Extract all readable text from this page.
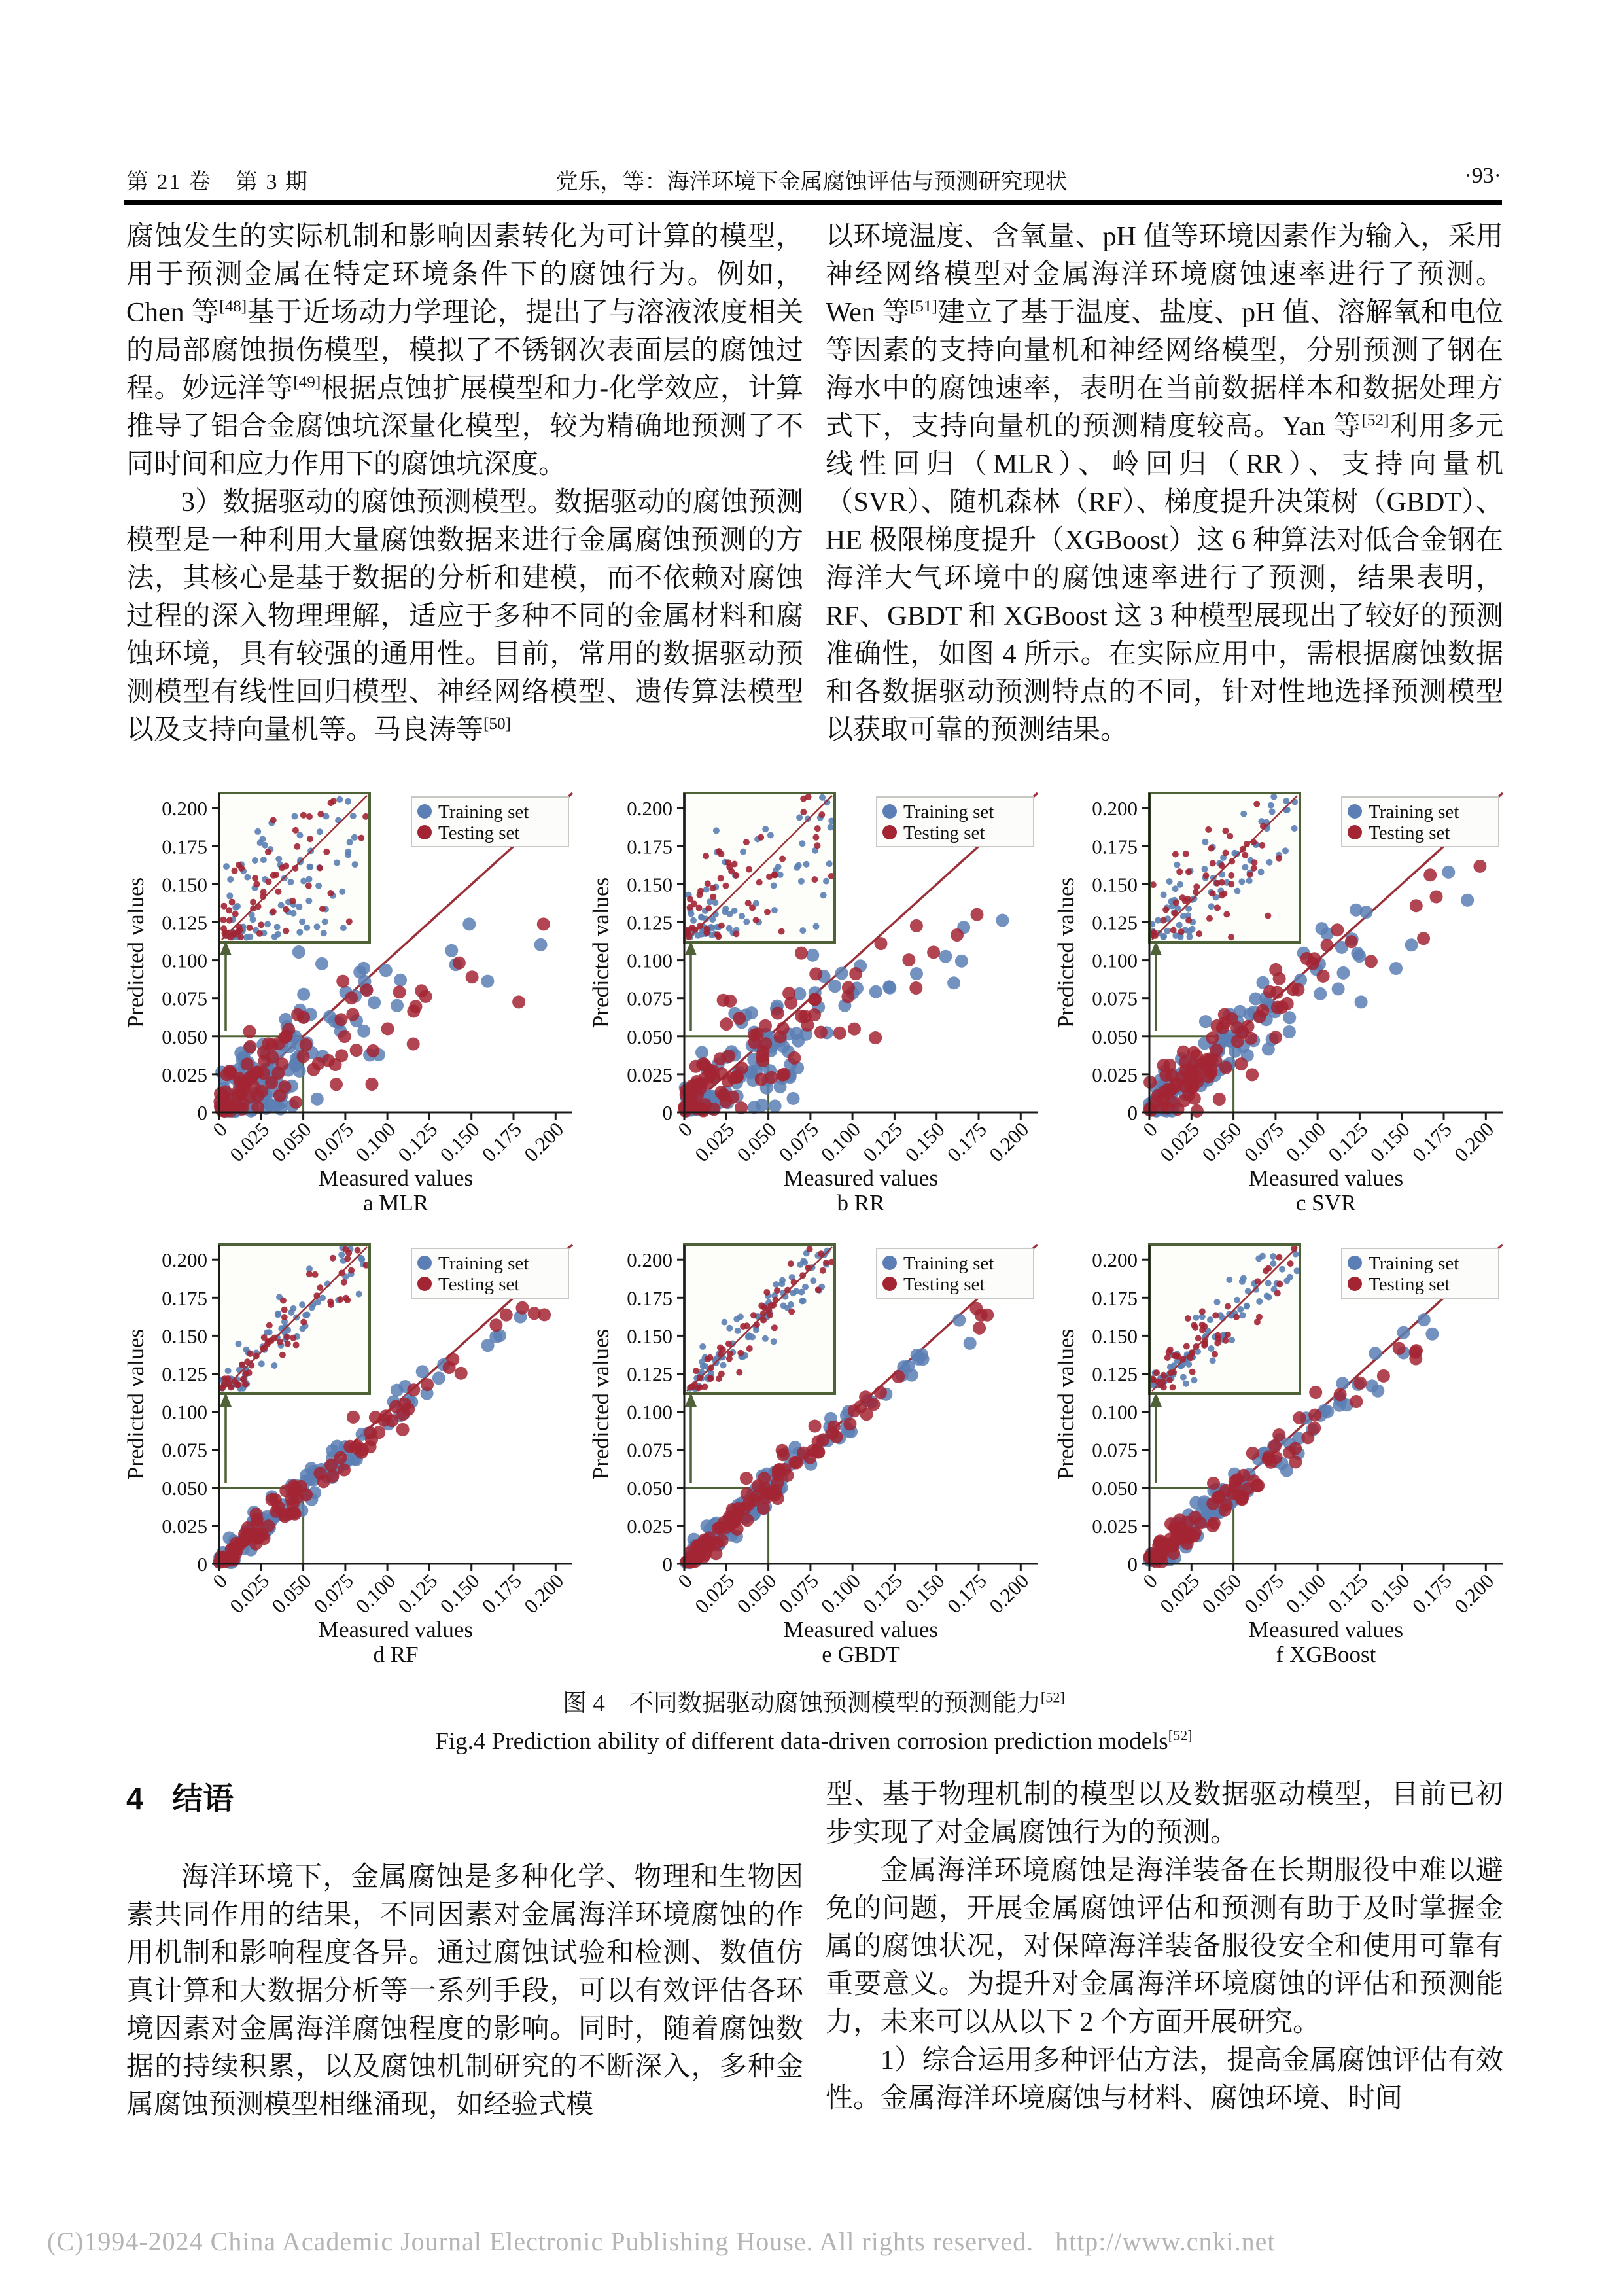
第 21 卷　第 3 期	党乐，等：海洋环境下金属腐蚀评估与预测研究现状	·93·

腐蚀发生的实际机制和影响因素转化为可计算的模型，用于预测金属在特定环境条件下的腐蚀行为。例如，Chen 等[48]基于近场动力学理论，提出了与溶液浓度相关的局部腐蚀损伤模型，模拟了不锈钢次表面层的腐蚀过程。妙远洋等[49]根据点蚀扩展模型和力-化学效应，计算推导了铝合金腐蚀坑深量化模型，较为精确地预测了不同时间和应力作用下的腐蚀坑深度。

3）数据驱动的腐蚀预测模型。数据驱动的腐蚀预测模型是一种利用大量腐蚀数据来进行金属腐蚀预测的方法，其核心是基于数据的分析和建模，而不依赖对腐蚀过程的深入物理理解，适应于多种不同的金属材料和腐蚀环境，具有较强的通用性。目前，常用的数据驱动预测模型有线性回归模型、神经网络模型、遗传算法模型以及支持向量机等。马良涛等[50]

以环境温度、含氧量、pH 值等环境因素作为输入，采用神经网络模型对金属海洋环境腐蚀速率进行了预测。Wen 等[51]建立了基于温度、盐度、pH 值、溶解氧和电位等因素的支持向量机和神经网络模型，分别预测了钢在海水中的腐蚀速率，表明在当前数据样本和数据处理方式下，支持向量机的预测精度较高。Yan 等[52]利用多元线性回归（MLR）、岭回归（RR）、支持向量机（SVR）、随机森林（RF）、梯度提升决策树（GBDT）、HE 极限梯度提升（XGBoost）这 6 种算法对低合金钢在海洋大气环境中的腐蚀速率进行了预测，结果表明，RF、GBDT 和 XGBoost 这 3 种模型展现出了较好的预测准确性，如图 4 所示。在实际应用中，需根据腐蚀数据和各数据驱动预测特点的不同，针对性地选择预测模型以获取可靠的预测结果。

Training set
Testing set
0
0.025
0.050
0.075
0.100
0.125
0.150
0.175
0.200
0
0.025
0.050
0.075
0.100
0.125
0.150
0.175
0.200
Measured values
Predicted values
a MLR
Training set
Testing set
0
0.025
0.050
0.075
0.100
0.125
0.150
0.175
0.200
0
0.025
0.050
0.075
0.100
0.125
0.150
0.175
0.200
Measured values
Predicted values
b RR
Training set
Testing set
0
0.025
0.050
0.075
0.100
0.125
0.150
0.175
0.200
0
0.025
0.050
0.075
0.100
0.125
0.150
0.175
0.200
Measured values
Predicted values
c SVR
Training set
Testing set
0
0.025
0.050
0.075
0.100
0.125
0.150
0.175
0.200
0
0.025
0.050
0.075
0.100
0.125
0.150
0.175
0.200
Measured values
Predicted values
d RF
Training set
Testing set
0
0.025
0.050
0.075
0.100
0.125
0.150
0.175
0.200
0
0.025
0.050
0.075
0.100
0.125
0.150
0.175
0.200
Measured values
Predicted values
e GBDT
Training set
Testing set
0
0.025
0.050
0.075
0.100
0.125
0.150
0.175
0.200
0
0.025
0.050
0.075
0.100
0.125
0.150
0.175
0.200
Measured values
Predicted values
f XGBoost
图 4　不同数据驱动腐蚀预测模型的预测能力[52]
Fig.4 Prediction ability of different data-driven corrosion prediction models[52]
4 结语

海洋环境下，金属腐蚀是多种化学、物理和生物因素共同作用的结果，不同因素对金属海洋环境腐蚀的作用机制和影响程度各异。通过腐蚀试验和检测、数值仿真计算和大数据分析等一系列手段，可以有效评估各环境因素对金属海洋腐蚀程度的影响。同时，随着腐蚀数据的持续积累，以及腐蚀机制研究的不断深入，多种金属腐蚀预测模型相继涌现，如经验式模

型、基于物理机制的模型以及数据驱动模型，目前已初步实现了对金属腐蚀行为的预测。

金属海洋环境腐蚀是海洋装备在长期服役中难以避免的问题，开展金属腐蚀评估和预测有助于及时掌握金属的腐蚀状况，对保障海洋装备服役安全和使用可靠有重要意义。为提升对金属海洋环境腐蚀的评估和预测能力，未来可以从以下 2 个方面开展研究。

1）综合运用多种评估方法，提高金属腐蚀评估有效性。金属海洋环境腐蚀与材料、腐蚀环境、时间

(C)1994-2024 China Academic Journal Electronic Publishing House. All rights reserved.   http://www.cnki.net
